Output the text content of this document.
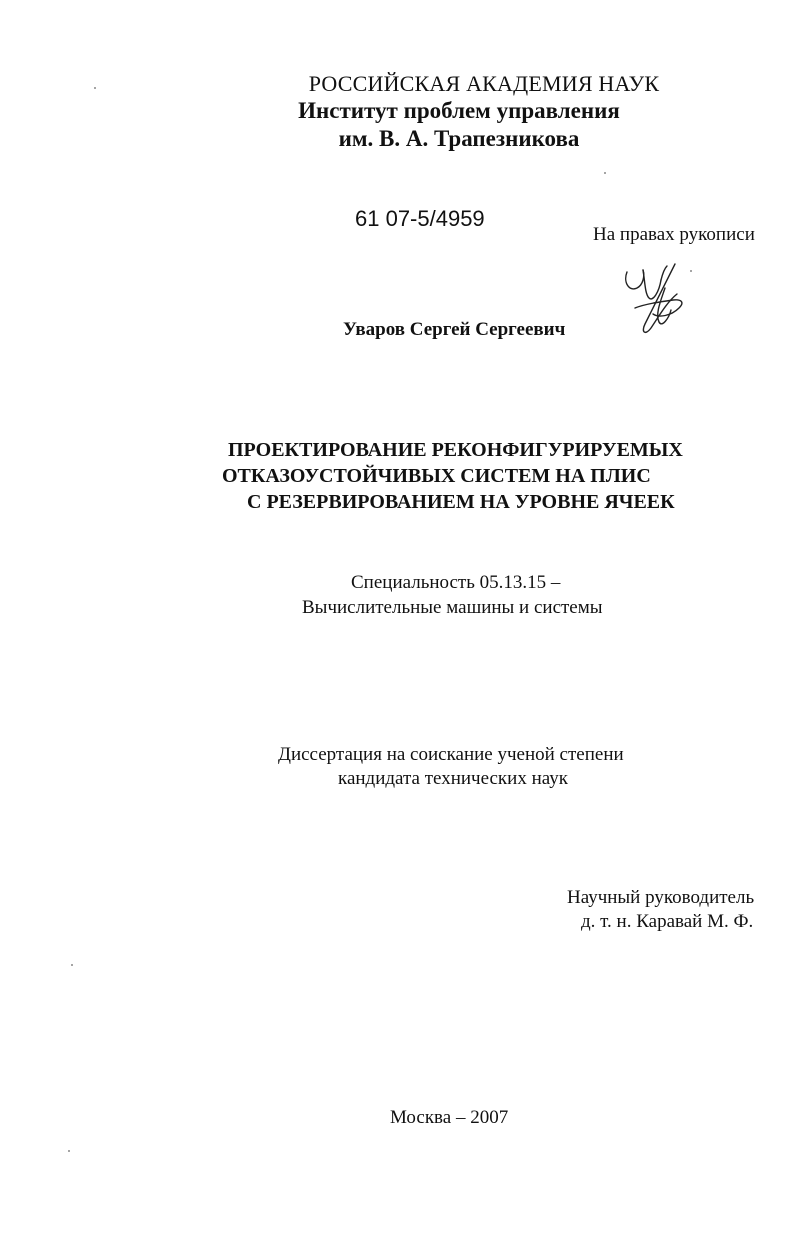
РОССИЙСКАЯ АКАДЕМИЯ НАУК
Институт проблем управления
им. В. А. Трапезникова
61 07-5/4959
На правах рукописи
Уваров Сергей Сергеевич
ПРОЕКТИРОВАНИЕ РЕКОНФИГУРИРУЕМЫХ
ОТКАЗОУСТОЙЧИВЫХ СИСТЕМ НА ПЛИС
С РЕЗЕРВИРОВАНИЕМ НА УРОВНЕ ЯЧЕЕК
Специальность 05.13.15 –
Вычислительные машины и системы
Диссертация на соискание ученой степени
кандидата технических наук
Научный руководитель
д. т. н. Каравай М. Ф.
Москва – 2007
